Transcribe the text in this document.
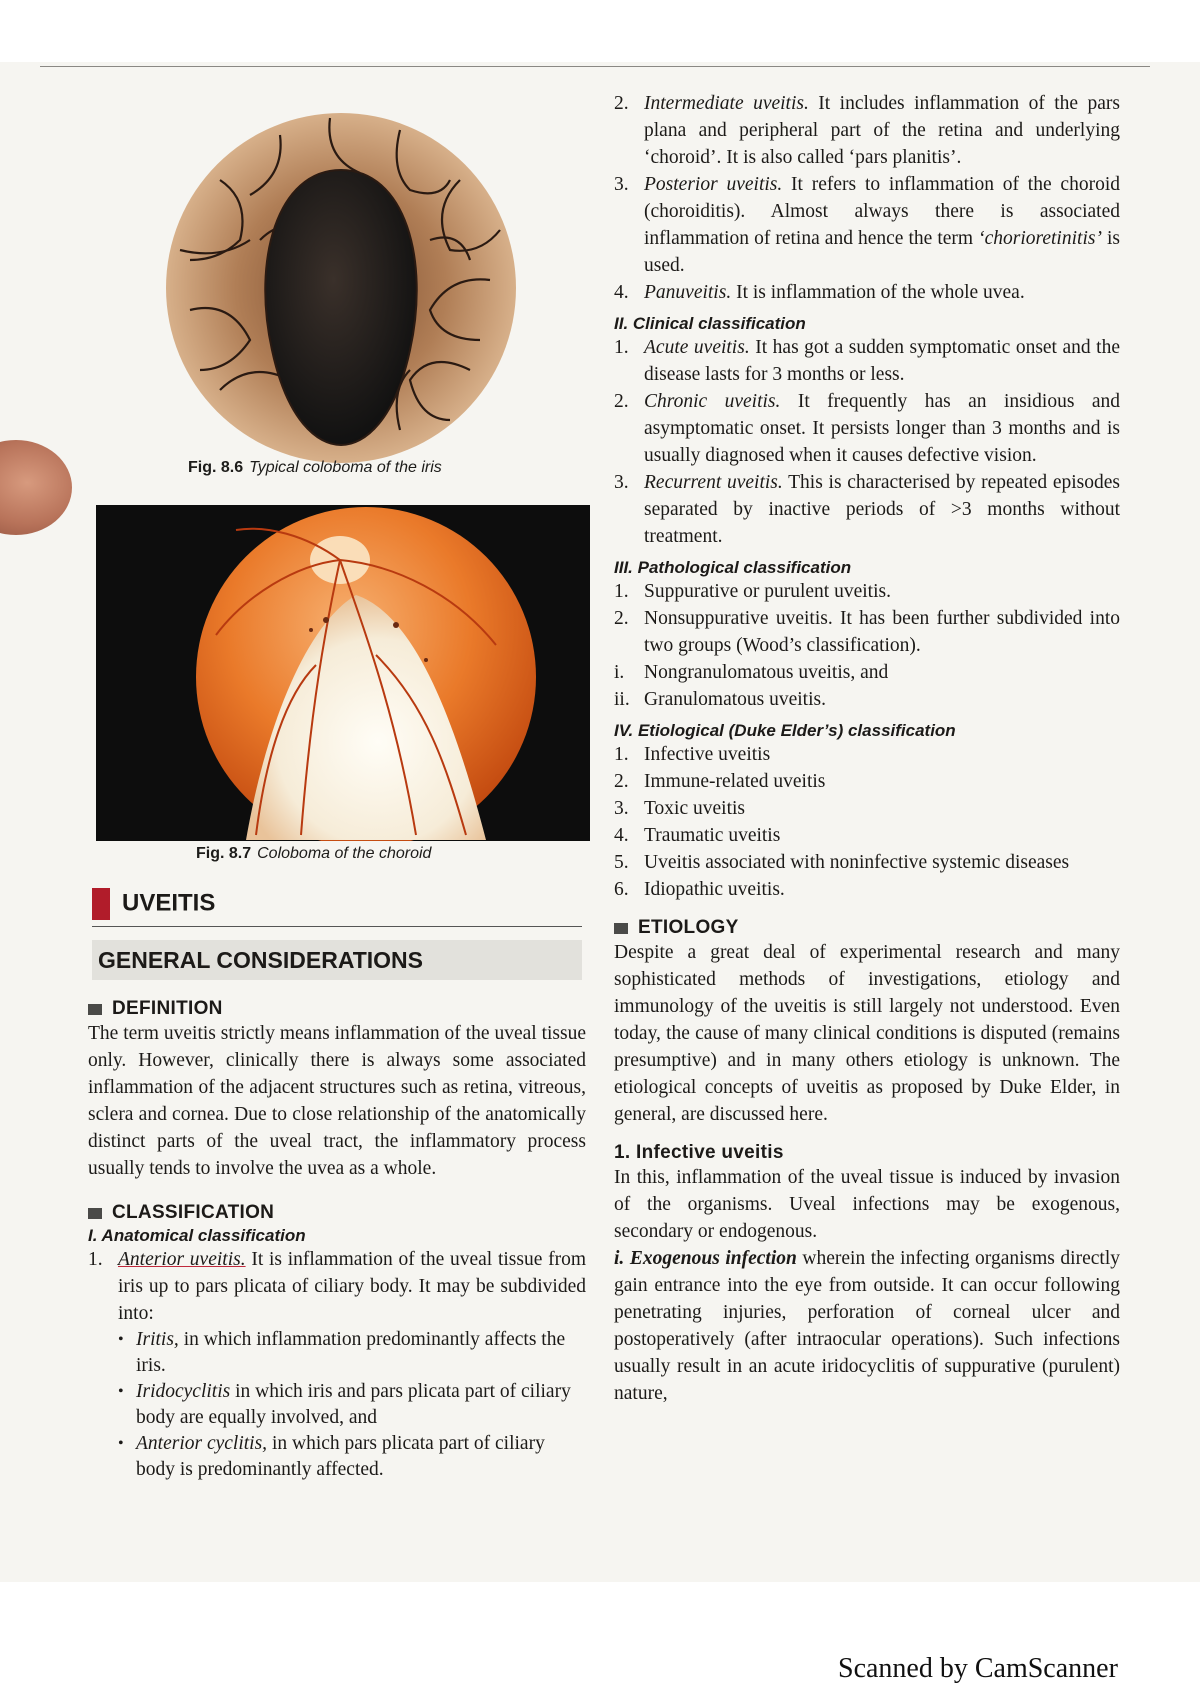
Fig. 8.6 Typical coloboma of the iris
Fig. 8.7 Coloboma of the choroid
UVEITIS
GENERAL CONSIDERATIONS
DEFINITION

The term uveitis strictly means inflammation of the uveal tissue only. However, clinically there is always some associated inflammation of the adjacent structures such as retina, vitreous, sclera and cornea. Due to close relationship of the anatomically distinct parts of the uveal tract, the inflammatory process usually tends to involve the uvea as a whole.

CLASSIFICATION
I. Anatomical classification
1. Anterior uveitis. It is inflammation of the uveal tissue from iris up to pars plicata of ciliary body. It may be subdivided into:
• Iritis, in which inflammation predominantly affects the iris.
• Iridocyclitis in which iris and pars plicata part of ciliary body are equally involved, and
• Anterior cyclitis, in which pars plicata part of ciliary body is predominantly affected.
2. Intermediate uveitis. It includes inflammation of the pars plana and peripheral part of the retina and underlying ‘choroid’. It is also called ‘pars planitis’.
3. Posterior uveitis. It refers to inflammation of the choroid (choroiditis). Almost always there is associated inflammation of retina and hence the term ‘chorioretinitis’ is used.
4. Panuveitis. It is inflammation of the whole uvea.
II. Clinical classification
1. Acute uveitis. It has got a sudden symptomatic onset and the disease lasts for 3 months or less.
2. Chronic uveitis. It frequently has an insidious and asymptomatic onset. It persists longer than 3 months and is usually diagnosed when it causes defective vision.
3. Recurrent uveitis. This is characterised by repeated episodes separated by inactive periods of >3 months without treatment.
III. Pathological classification
1. Suppurative or purulent uveitis.
2. Nonsuppurative uveitis. It has been further subdivided into two groups (Wood’s classification).
i.	Nongranulomatous uveitis, and
ii. Granulomatous uveitis.
IV. Etiological (Duke Elder’s) classification
1. Infective uveitis
2. Immune-related uveitis
3. Toxic uveitis
4. Traumatic uveitis
5. Uveitis associated with noninfective systemic diseases
6. Idiopathic uveitis.
ETIOLOGY

Despite a great deal of experimental research and many sophisticated methods of investigations, etiology and immunology of the uveitis is still largely not understood. Even today, the cause of many clinical conditions is disputed (remains presumptive) and in many others etiology is unknown. The etiological concepts of uveitis as proposed by Duke Elder, in general, are discussed here.

1. Infective uveitis

In this, inflammation of the uveal tissue is induced by invasion of the organisms. Uveal infections may be exogenous, secondary or endogenous.

i. Exogenous infection wherein the infecting organisms directly gain entrance into the eye from outside. It can occur following penetrating injuries, perforation of corneal ulcer and postoperatively (after intraocular operations). Such infections usually result in an acute iridocyclitis of suppurative (purulent) nature,

Scanned by CamScanner
